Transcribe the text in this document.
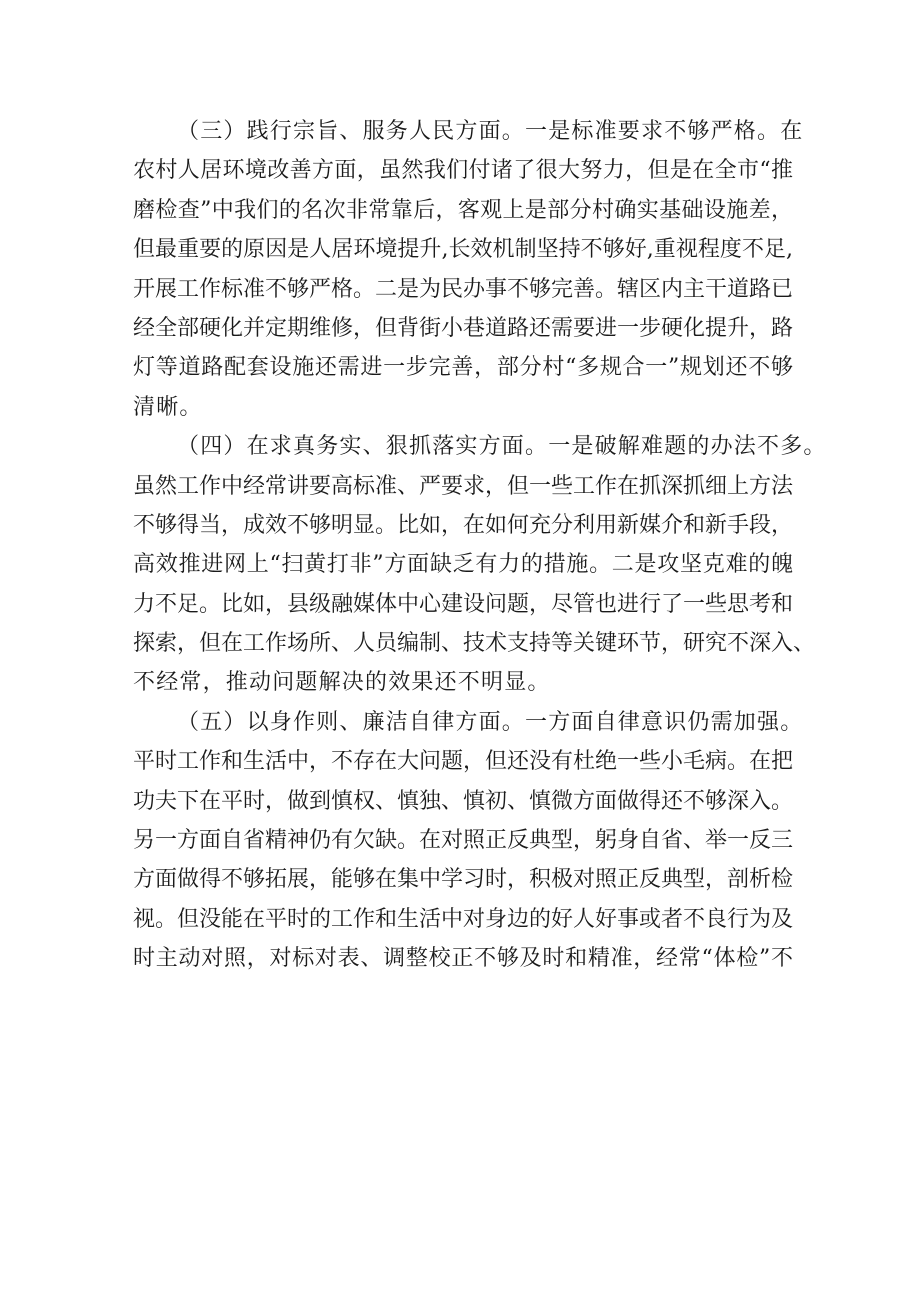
（三）践行宗旨、服务人民方面。一是标准要求不够严格。在
农村人居环境改善方面，虽然我们付诸了很大努力，但是在全市“推
磨检查”中我们的名次非常靠后，客观上是部分村确实基础设施差，
但最重要的原因是人居环境提升,长效机制坚持不够好,重视程度不足,
开展工作标准不够严格。二是为民办事不够完善。辖区内主干道路已
经全部硬化并定期维修，但背街小巷道路还需要进一步硬化提升，路
灯等道路配套设施还需进一步完善，部分村“多规合一”规划还不够
清晰。
（四）在求真务实、狠抓落实方面。一是破解难题的办法不多。
虽然工作中经常讲要高标准、严要求，但一些工作在抓深抓细上方法
不够得当，成效不够明显。比如，在如何充分利用新媒介和新手段，
高效推进网上“扫黄打非”方面缺乏有力的措施。二是攻坚克难的魄
力不足。比如，县级融媒体中心建设问题，尽管也进行了一些思考和
探索，但在工作场所、人员编制、技术支持等关键环节，研究不深入、
不经常，推动问题解决的效果还不明显。
（五）以身作则、廉洁自律方面。一方面自律意识仍需加强。
平时工作和生活中，不存在大问题，但还没有杜绝一些小毛病。在把
功夫下在平时，做到慎权、慎独、慎初、慎微方面做得还不够深入。
另一方面自省精神仍有欠缺。在对照正反典型，躬身自省、举一反三
方面做得不够拓展，能够在集中学习时，积极对照正反典型，剖析检
视。但没能在平时的工作和生活中对身边的好人好事或者不良行为及
时主动对照，对标对表、调整校正不够及时和精准，经常“体检”不
